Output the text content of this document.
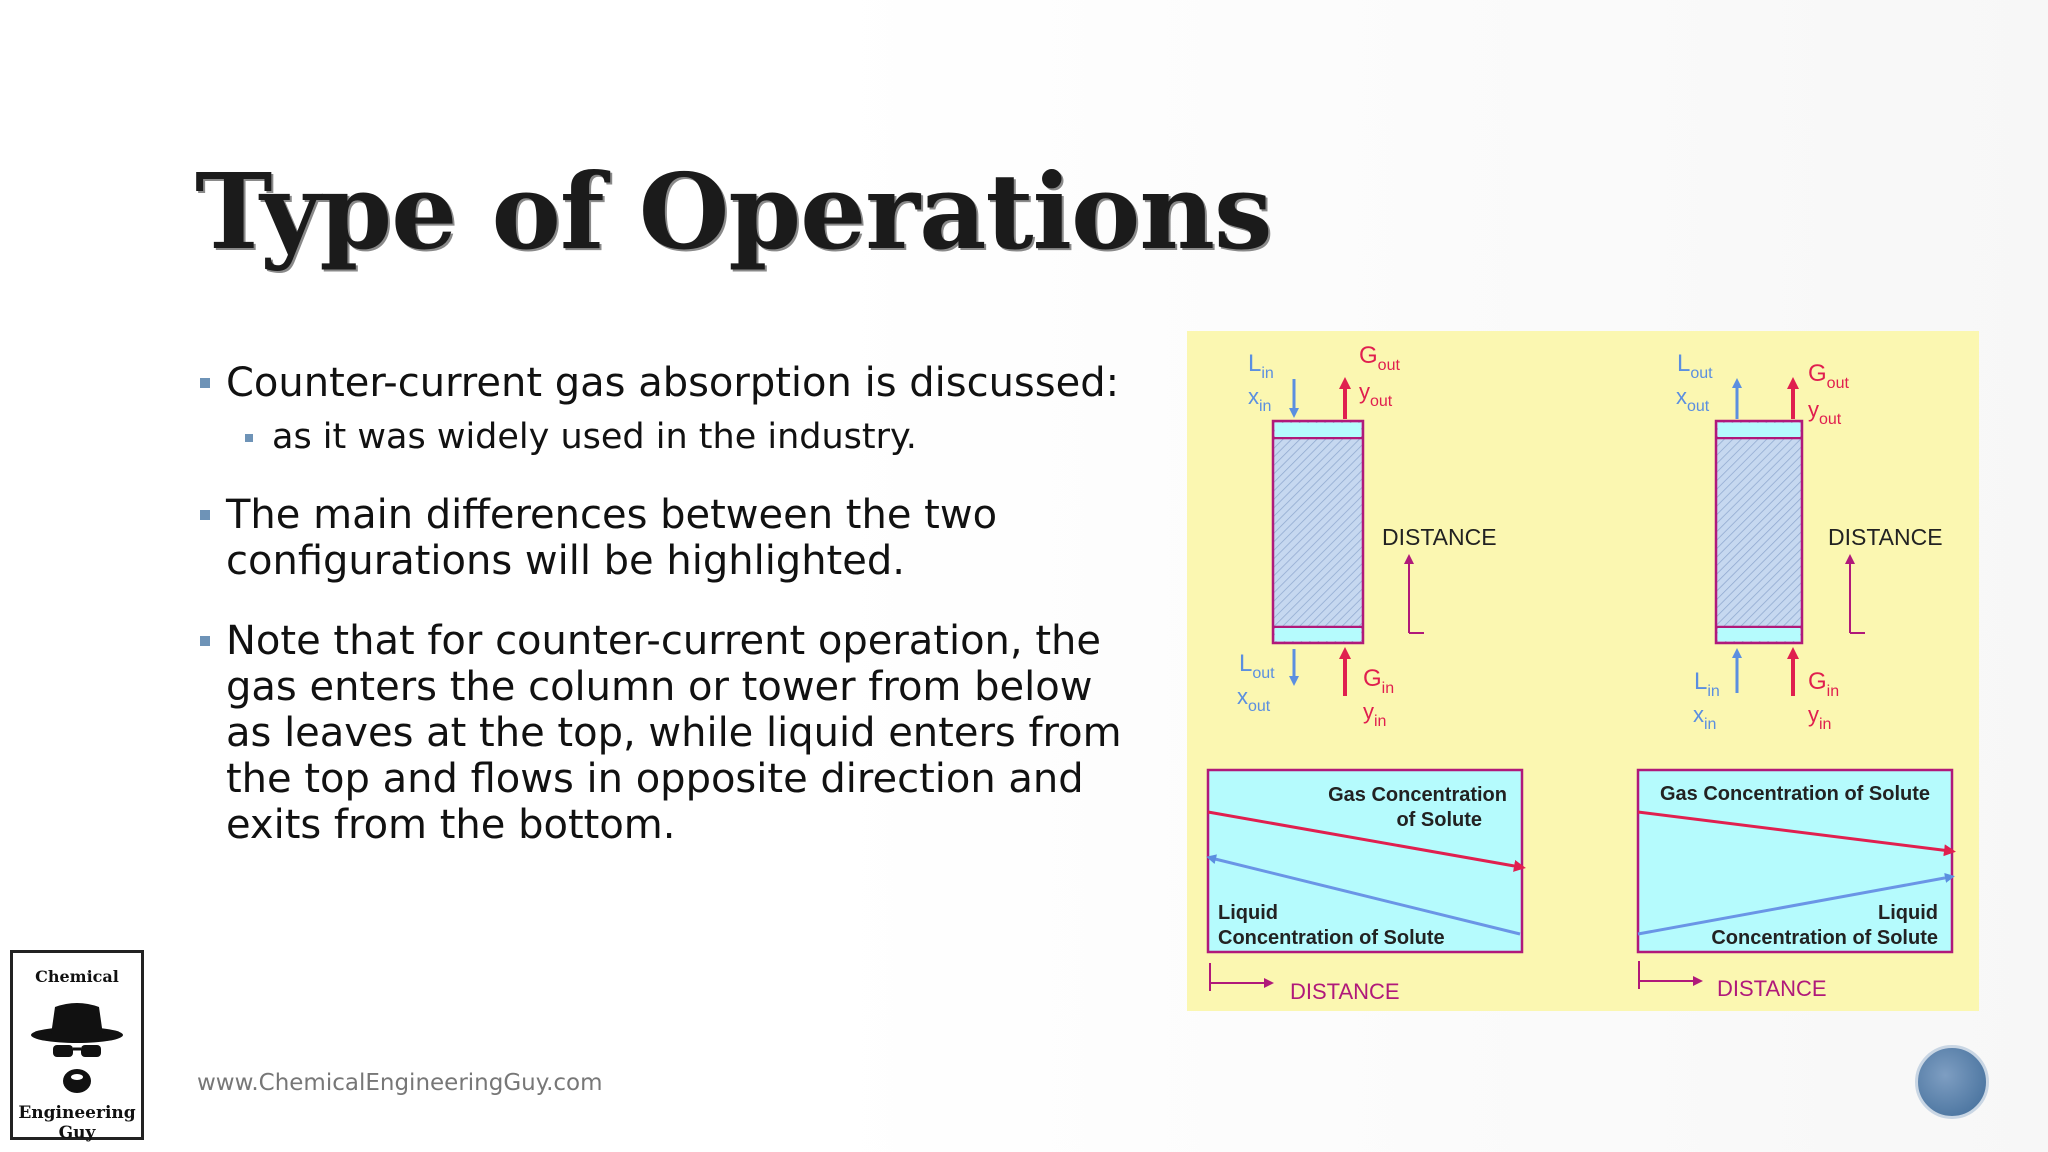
Type of Operations
Counter-current gas absorption is discussed:
as it was widely used in the industry.
The main differences between the two configurations will be highlighted.
Note that for counter-current operation, the gas enters the column or tower from below as leaves at the top, while liquid enters from the top and flows in opposite direction and exits from the bottom.
$L_{in}$
$x_{in}$
$G_{out}$
$y_{out}$
$L_{out}$
$x_{out}$
$G_{in}$
$y_{in}$
DISTANCE
Gas Concentration
of Solute
Liquid
Concentration of Solute
DISTANCE
$L_{out}$
$x_{out}$
$G_{out}$
$y_{out}$
$L_{in}$
$x_{in}$
$G_{in}$
$y_{in}$
DISTANCE
Gas Concentration of Solute
Liquid
Concentration of Solute
DISTANCE
www.ChemicalEngineeringGuy.com
Chemical
Engineering Guy
